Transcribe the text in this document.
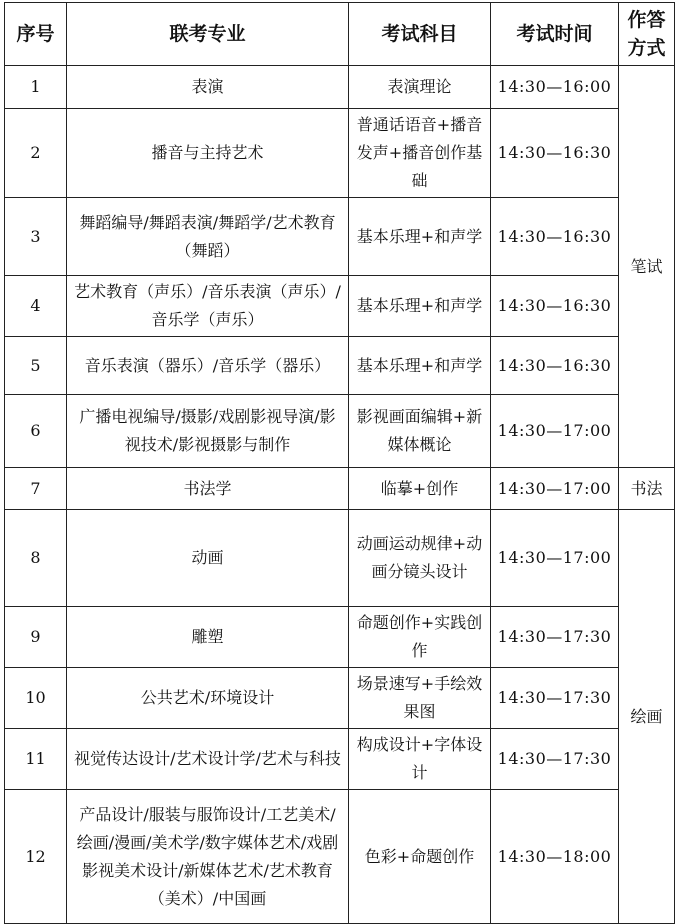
序号	联考专业	考试科目	考试时间	作答方式
1	表演	表演理论	14:30—16:00	笔试
2	播音与主持艺术	普通话语音+播音发声+播音创作基础	14:30—16:30	
3	舞蹈编导/舞蹈表演/舞蹈学/艺术教育（舞蹈）	基本乐理+和声学	14:30—16:30	
4	艺术教育（声乐）/音乐表演（声乐）/音乐学（声乐）	基本乐理+和声学	14:30—16:30	
5	音乐表演（器乐）/音乐学（器乐）	基本乐理+和声学	14:30—16:30	
6	广播电视编导/摄影/戏剧影视导演/影视技术/影视摄影与制作	影视画面编辑+新媒体概论	14:30—17:00	
7	书法学	临摹+创作	14:30—17:00	书法
8	动画	动画运动规律+动画分镜头设计	14:30—17:00	绘画
9	雕塑	命题创作+实践创作	14:30—17:30	
10	公共艺术/环境设计	场景速写+手绘效果图	14:30—17:30	
11	视觉传达设计/艺术设计学/艺术与科技	构成设计+字体设计	14:30—17:30	
12	产品设计/服装与服饰设计/工艺美术/绘画/漫画/美术学/数字媒体艺术/戏剧影视美术设计/新媒体艺术/艺术教育（美术）/中国画	色彩+命题创作	14:30—18:00	
